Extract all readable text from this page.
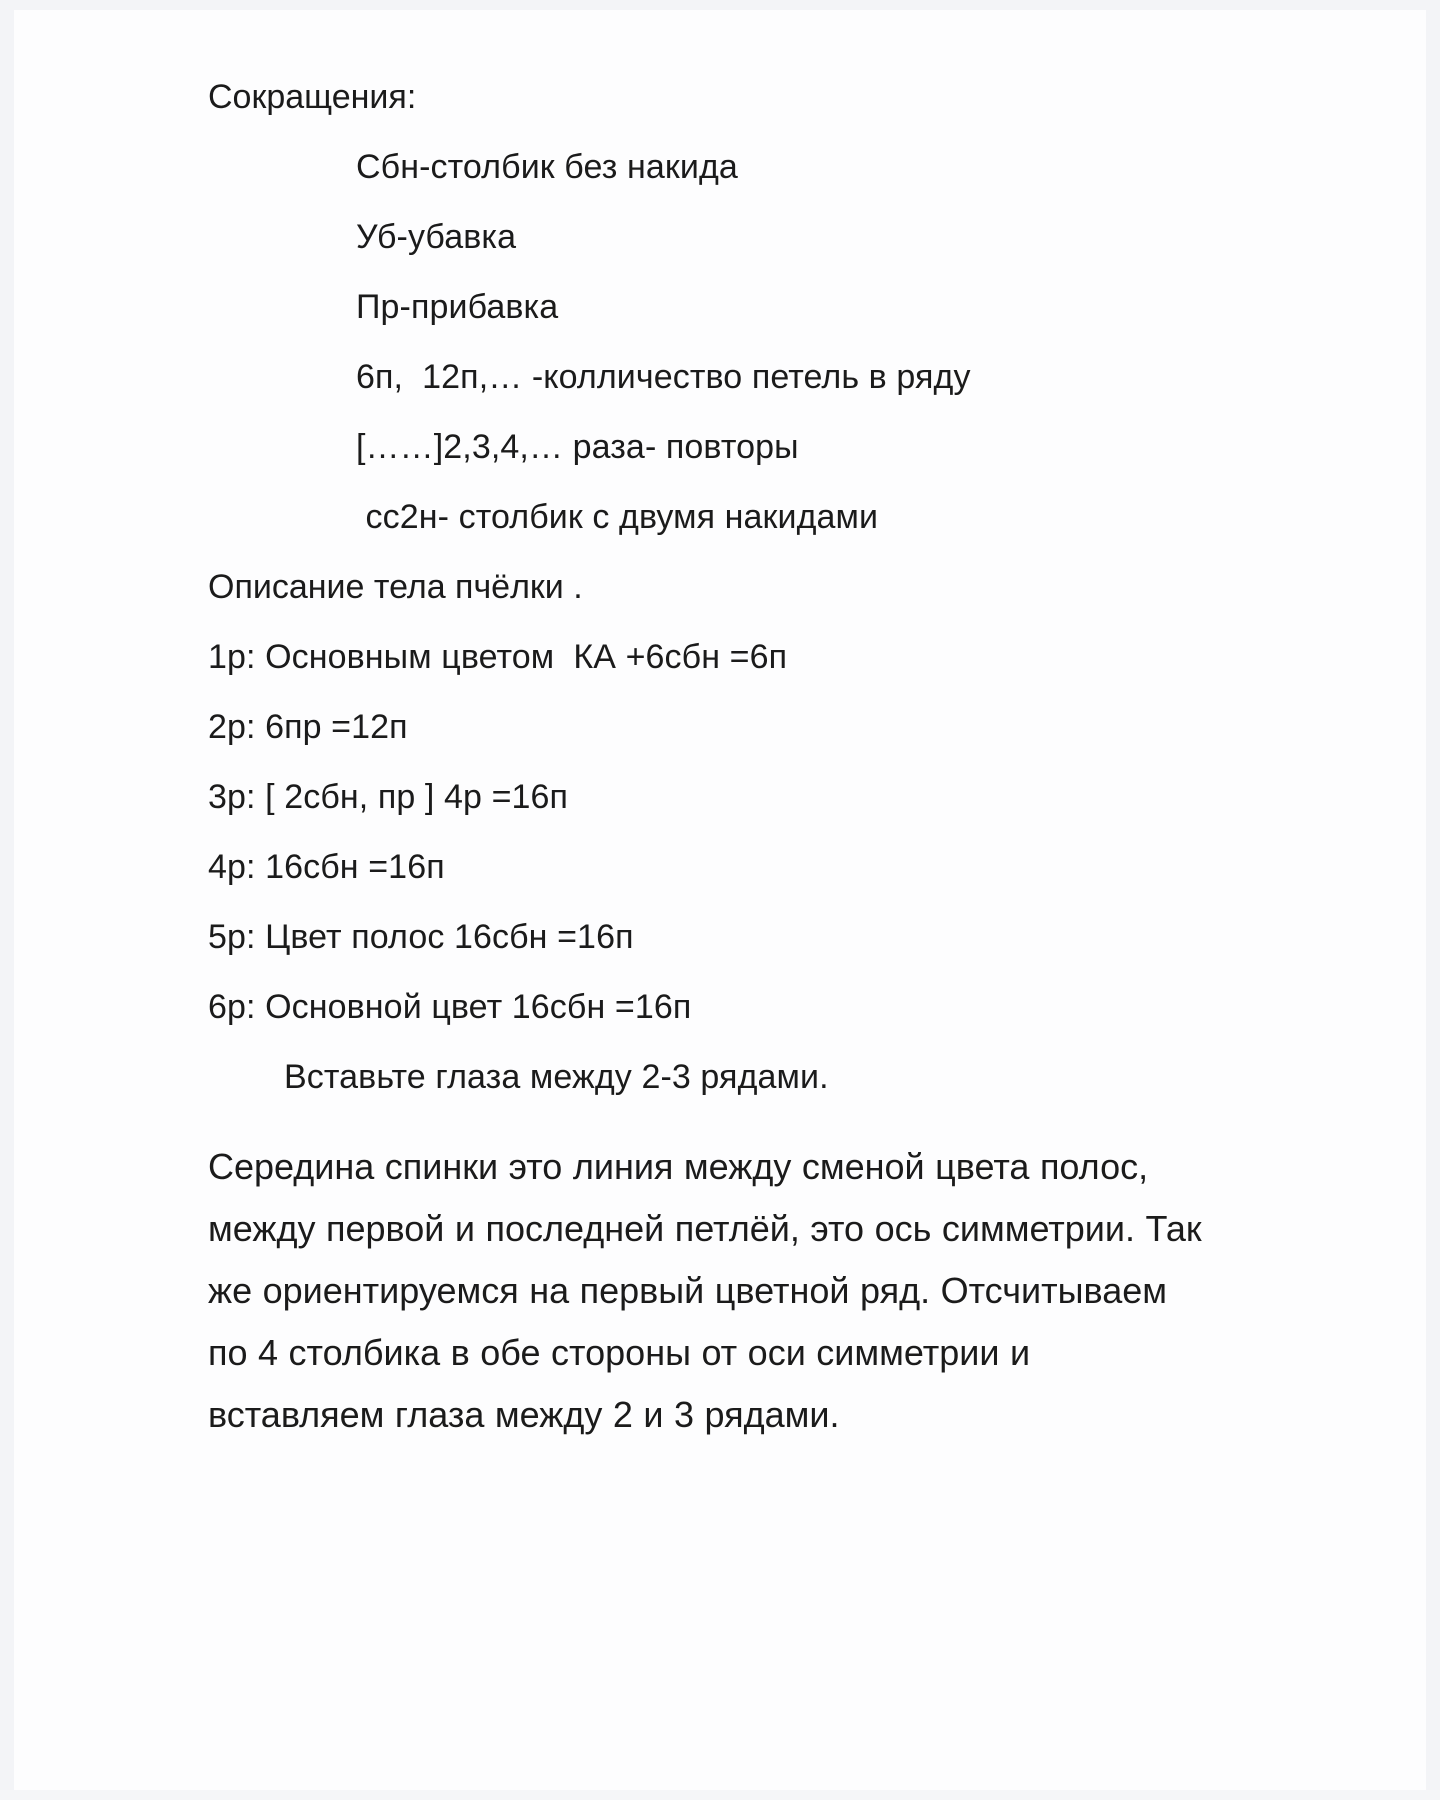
Сокращения:
Сбн-столбик без накида
Уб-убавка
Пр-прибавка
6п,  12п,… -колличество петель в ряду
[……]2,3,4,… раза- повторы
сс2н- столбик с двумя накидами
Описание тела пчёлки .
1р: Основным цветом  КА +6сбн =6п
2р: 6пр =12п
3р: [ 2сбн, пр ] 4р =16п
4р: 16сбн =16п
5р: Цвет полос 16сбн =16п
6р: Основной цвет 16сбн =16п
Вставьте глаза между 2-3 рядами.
Середина спинки это линия между сменой цвета полос, между первой и последней петлёй, это ось симметрии. Так же ориентируемся на первый цветной ряд. Отсчитываем по 4 столбика в обе стороны от оси симметрии и вставляем глаза между 2 и 3 рядами.
